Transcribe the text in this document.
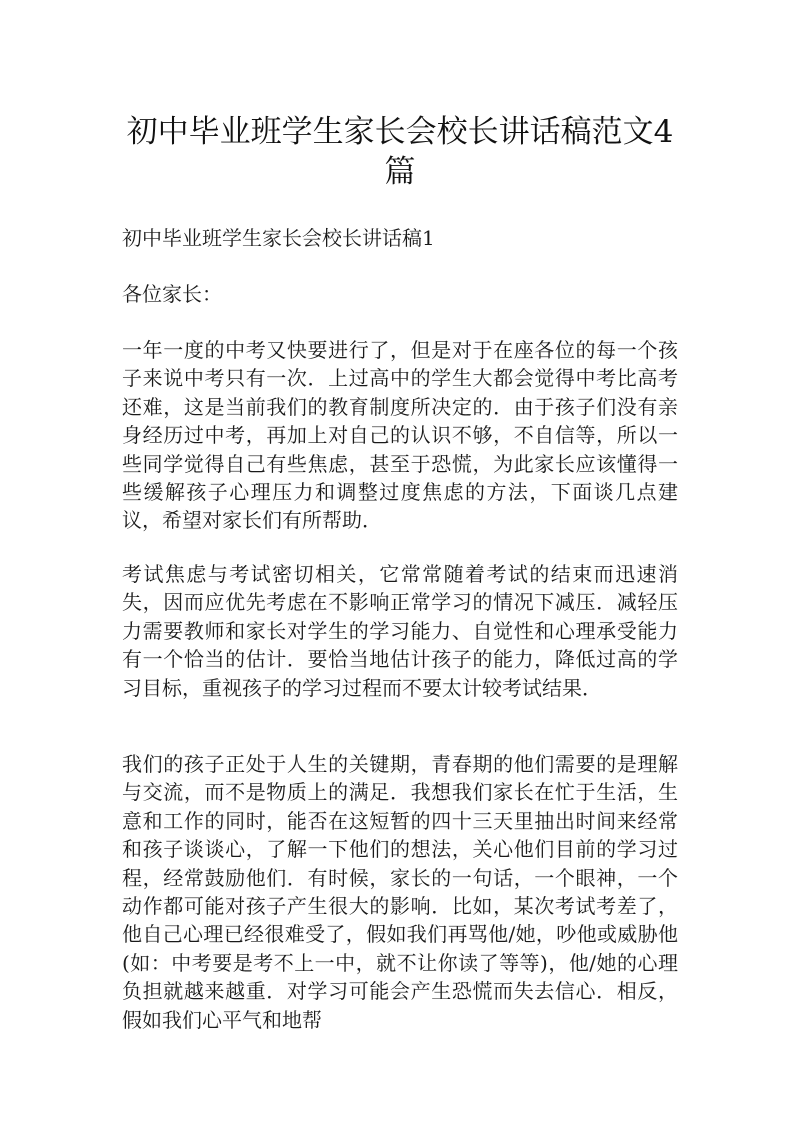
初中毕业班学生家长会校长讲话稿范文4篇

初中毕业班学生家长会校长讲话稿1

各位家长：

一年一度的中考又快要进行了，但是对于在座各位的每一个孩子来说中考只有一次．上过高中的学生大都会觉得中考比高考还难，这是当前我们的教育制度所决定的．由于孩子们没有亲身经历过中考，再加上对自己的认识不够，不自信等，所以一些同学觉得自己有些焦虑，甚至于恐慌，为此家长应该懂得一些缓解孩子心理压力和调整过度焦虑的方法，下面谈几点建议，希望对家长们有所帮助．

考试焦虑与考试密切相关，它常常随着考试的结束而迅速消失，因而应优先考虑在不影响正常学习的情况下减压．减轻压力需要教师和家长对学生的学习能力、自觉性和心理承受能力有一个恰当的估计．要恰当地估计孩子的能力，降低过高的学习目标，重视孩子的学习过程而不要太计较考试结果．

我们的孩子正处于人生的关键期，青春期的他们需要的是理解与交流，而不是物质上的满足．我想我们家长在忙于生活，生意和工作的同时，能否在这短暂的四十三天里抽出时间来经常和孩子谈谈心，了解一下他们的想法，关心他们目前的学习过程，经常鼓励他们．有时候，家长的一句话，一个眼神，一个动作都可能对孩子产生很大的影响．比如，某次考试考差了，他自己心理已经很难受了，假如我们再骂他/她，吵他或威胁他(如：中考要是考不上一中，就不让你读了等等)，他/她的心理负担就越来越重．对学习可能会产生恐慌而失去信心．相反，假如我们心平气和地帮
